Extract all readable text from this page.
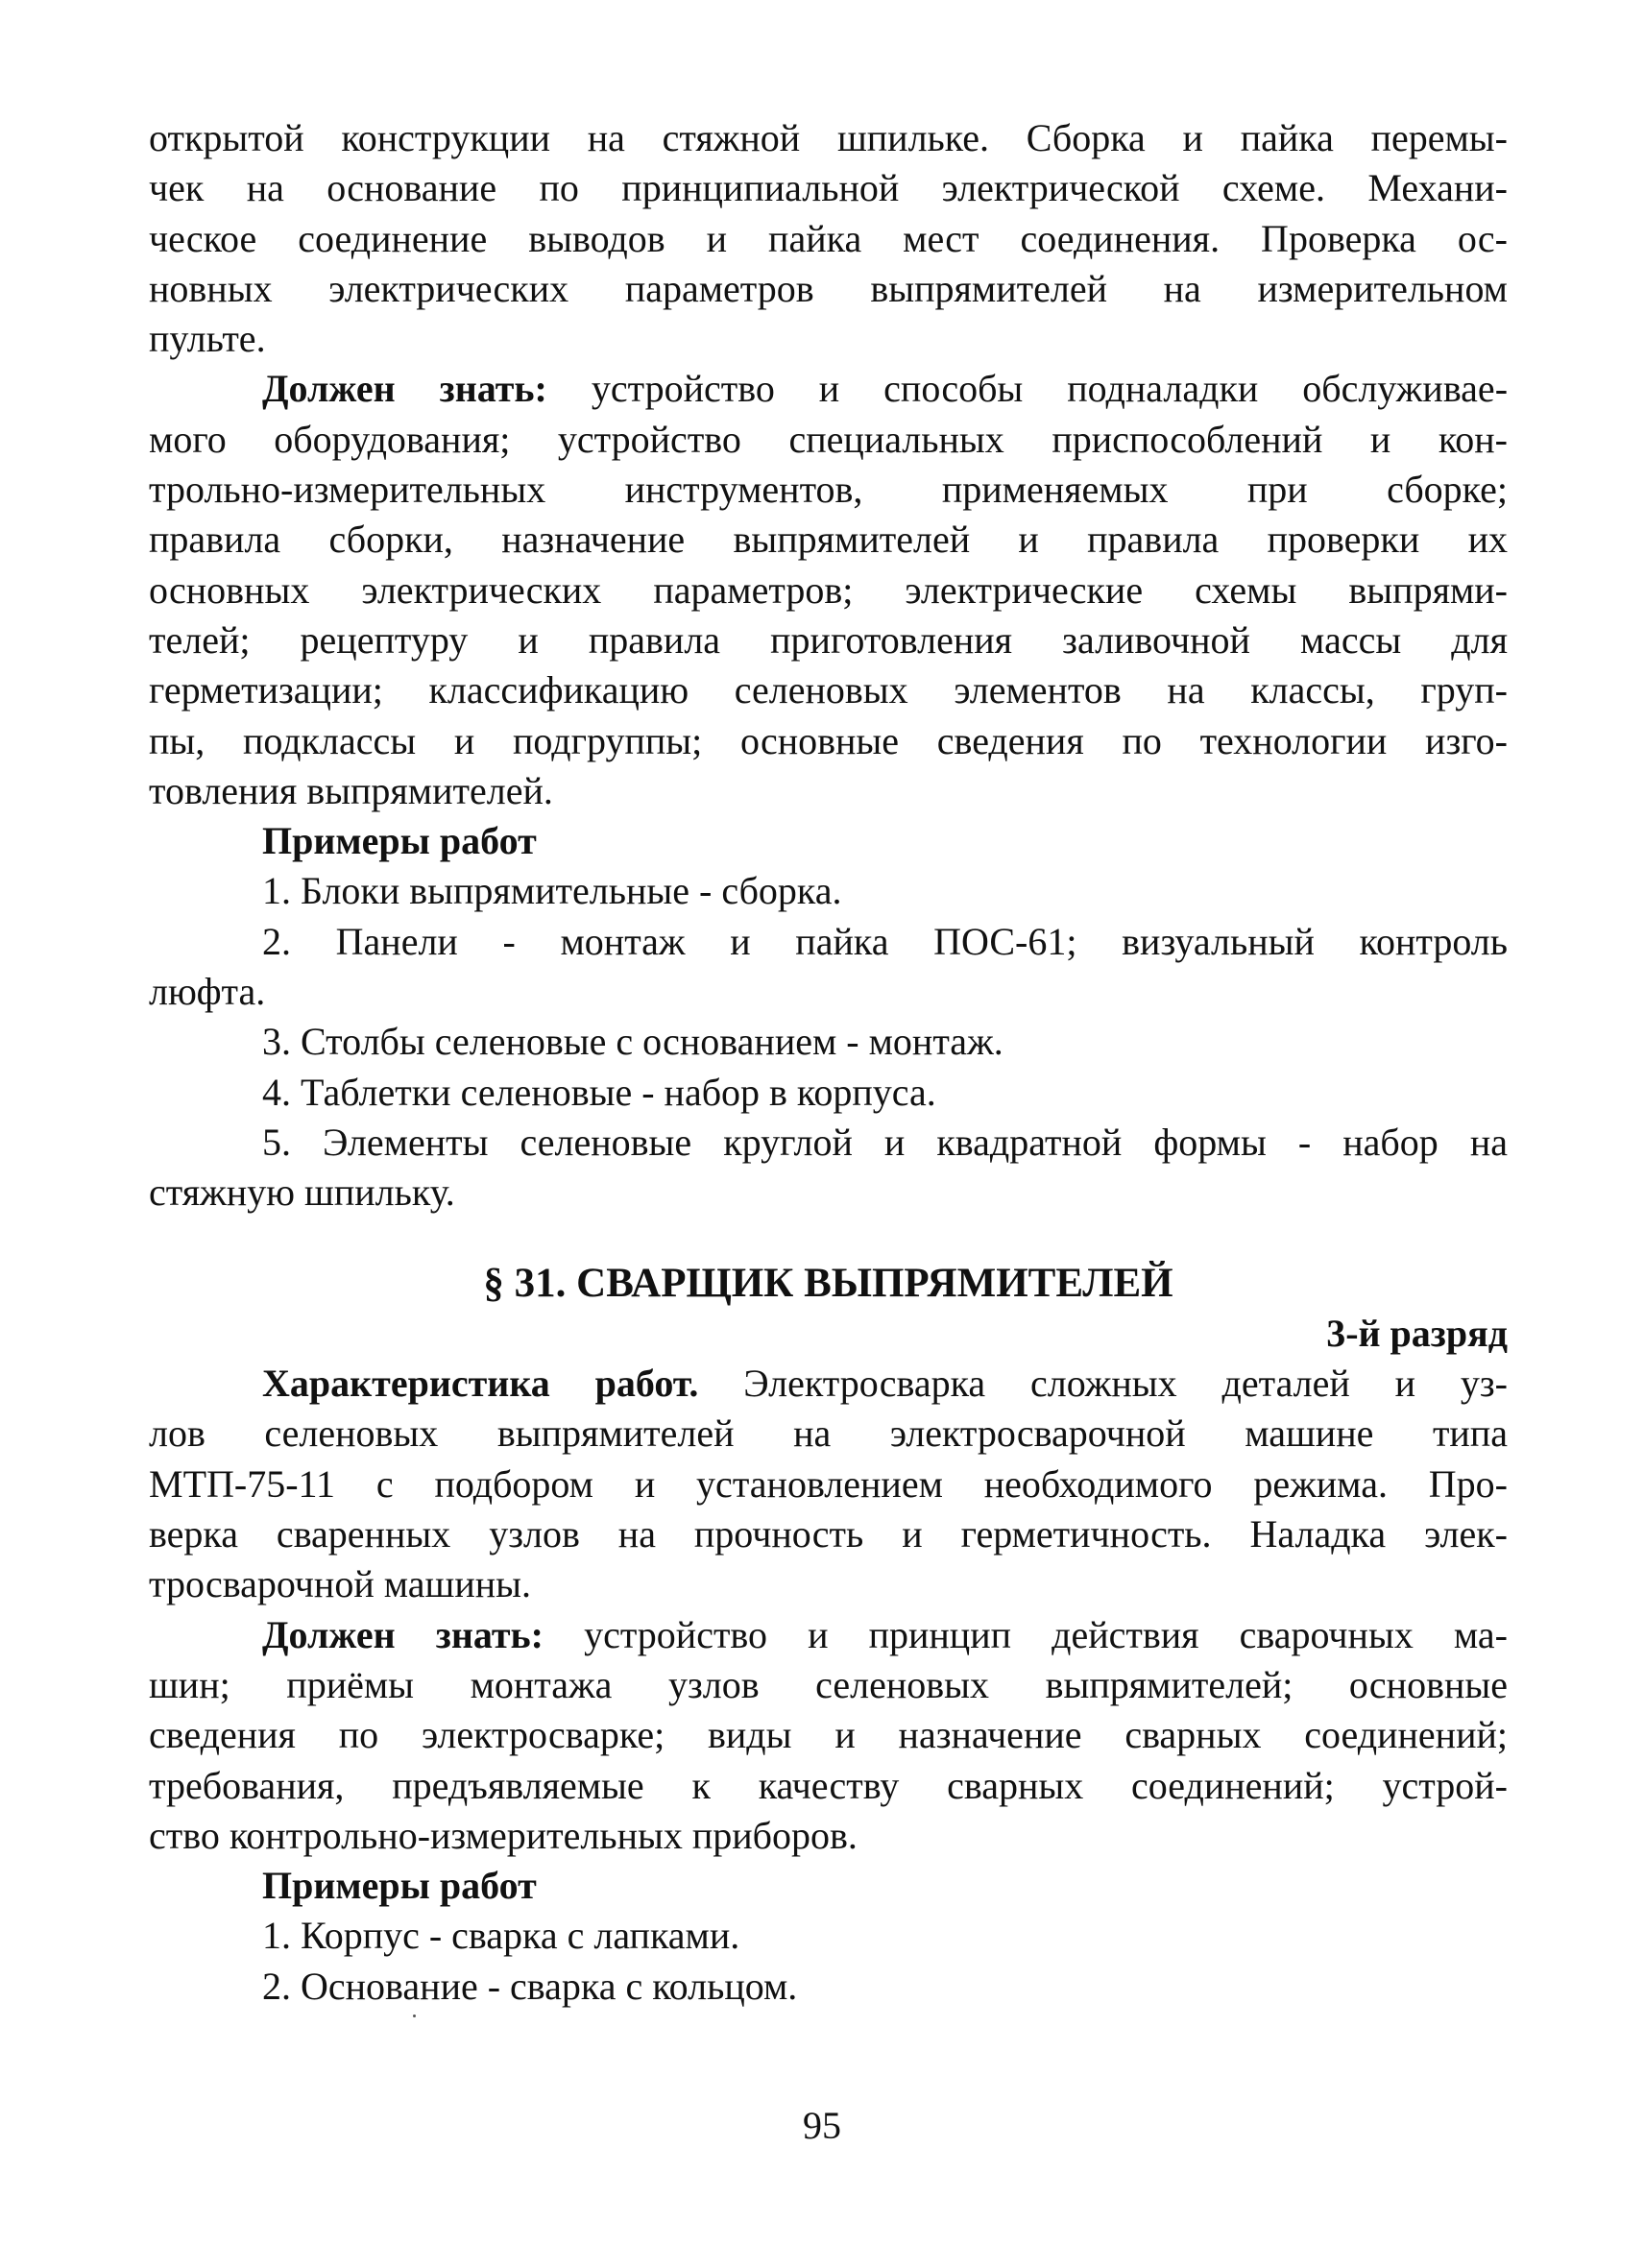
открытой конструкции на стяжной шпильке. Сборка и пайка перемы-
чек на основание по принципиальной электрической схеме. Механи-
ческое соединение выводов и пайка мест соединения. Проверка ос-
новных электрических параметров выпрямителей на измерительном
пульте.
Должен знать: устройство и способы подналадки обслуживае-
мого оборудования; устройство специальных приспособлений и кон-
трольно-измерительных инструментов, применяемых при сборке;
правила сборки, назначение выпрямителей и правила проверки их
основных электрических параметров; электрические схемы выпрями-
телей; рецептуру и правила приготовления заливочной массы для
герметизации; классификацию селеновых элементов на классы, груп-
пы, подклассы и подгруппы; основные сведения по технологии изго-
товления выпрямителей.
Примеры работ
1. Блоки выпрямительные - сборка.
2. Панели - монтаж и пайка ПОС-61; визуальный контроль
люфта.
3. Столбы селеновые с основанием - монтаж.
4. Таблетки селеновые - набор в корпуса.
5. Элементы селеновые круглой и квадратной формы - набор на
стяжную шпильку.
§ 31. СВАРЩИК ВЫПРЯМИТЕЛЕЙ
3-й разряд
Характеристика работ. Электросварка сложных деталей и уз-
лов селеновых выпрямителей на электросварочной машине типа
МТП-75-11 с подбором и установлением необходимого режима. Про-
верка сваренных узлов на прочность и герметичность. Наладка элек-
тросварочной машины.
Должен знать: устройство и принцип действия сварочных ма-
шин; приёмы монтажа узлов селеновых выпрямителей; основные
сведения по электросварке; виды и назначение сварных соединений;
требования, предъявляемые к качеству сварных соединений; устрой-
ство контрольно-измерительных приборов.
Примеры работ
1. Корпус - сварка с лапками.
2. Основание - сварка с кольцом.
95
